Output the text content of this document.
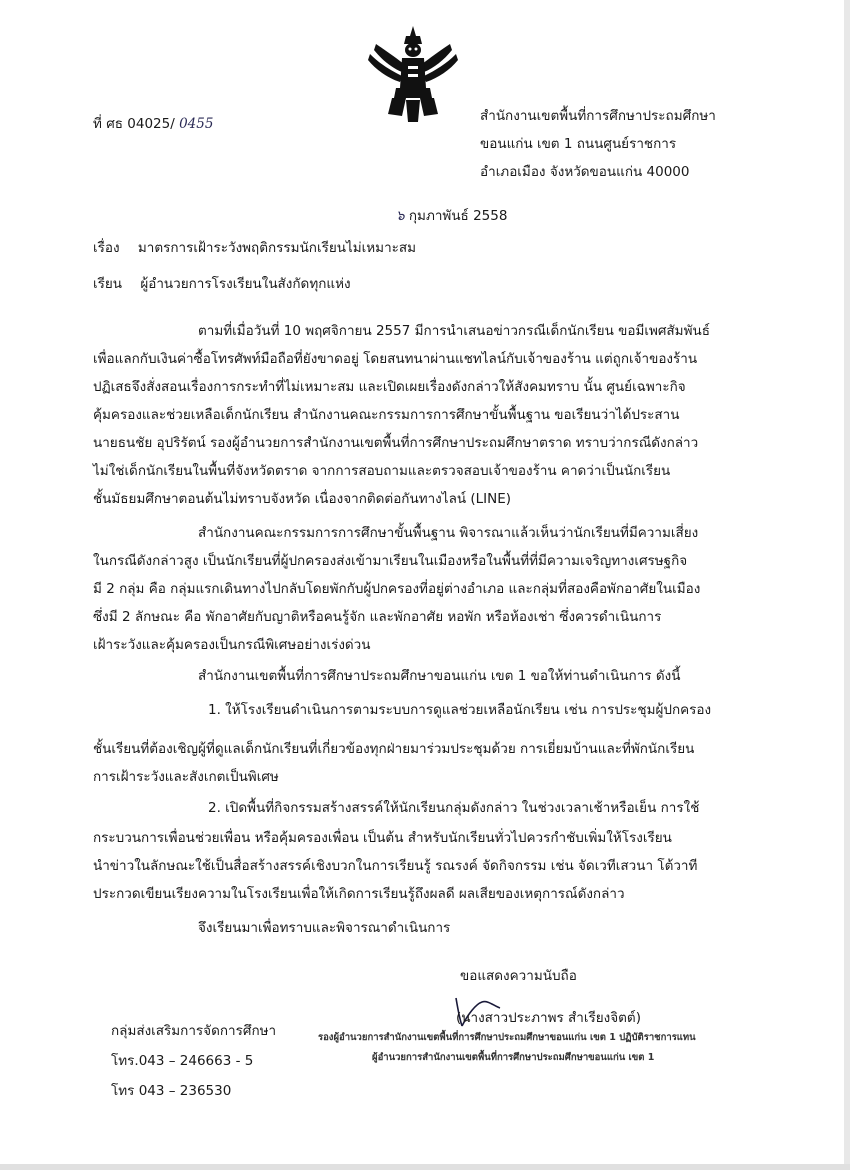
ที่ ศธ 04025/ 0455	สำนักงานเขตพื้นที่การศึกษาประถมศึกษา
ขอนแก่น เขต 1 ถนนศูนย์ราชการ
อำเภอเมือง จังหวัดขอนแก่น 40000
๖ กุมภาพันธ์ 2558
เรื่อง มาตรการเฝ้าระวังพฤติกรรมนักเรียนไม่เหมาะสม
เรียน ผู้อำนวยการโรงเรียนในสังกัดทุกแห่ง
ตามที่เมื่อวันที่ 10 พฤศจิกายน 2557 มีการนำเสนอข่าวกรณีเด็กนักเรียน ขอมีเพศสัมพันธ์
เพื่อแลกกับเงินค่าซื้อโทรศัพท์มือถือที่ยังขาดอยู่ โดยสนทนาผ่านแชทไลน์กับเจ้าของร้าน แต่ถูกเจ้าของร้าน
ปฏิเสธจึงสั่งสอนเรื่องการกระทำที่ไม่เหมาะสม และเปิดเผยเรื่องดังกล่าวให้สังคมทราบ นั้น ศูนย์เฉพาะกิจ
คุ้มครองและช่วยเหลือเด็กนักเรียน สำนักงานคณะกรรมการการศึกษาขั้นพื้นฐาน ขอเรียนว่าได้ประสาน
นายธนชัย อุปริรัตน์ รองผู้อำนวยการสำนักงานเขตพื้นที่การศึกษาประถมศึกษาตราด ทราบว่ากรณีดังกล่าว
ไม่ใช่เด็กนักเรียนในพื้นที่จังหวัดตราด จากการสอบถามและตรวจสอบเจ้าของร้าน คาดว่าเป็นนักเรียน
ชั้นมัธยมศึกษาตอนต้นไม่ทราบจังหวัด เนื่องจากติดต่อกันทางไลน์ (LINE)
สำนักงานคณะกรรมการการศึกษาขั้นพื้นฐาน พิจารณาแล้วเห็นว่านักเรียนที่มีความเสี่ยง
ในกรณีดังกล่าวสูง เป็นนักเรียนที่ผู้ปกครองส่งเข้ามาเรียนในเมืองหรือในพื้นที่ที่มีความเจริญทางเศรษฐกิจ
มี 2 กลุ่ม คือ กลุ่มแรกเดินทางไปกลับโดยพักกับผู้ปกครองที่อยู่ต่างอำเภอ และกลุ่มที่สองคือพักอาศัยในเมือง
ซึ่งมี 2 ลักษณะ คือ พักอาศัยกับญาติหรือคนรู้จัก และพักอาศัย หอพัก หรือห้องเช่า ซึ่งควรดำเนินการ
เฝ้าระวังและคุ้มครองเป็นกรณีพิเศษอย่างเร่งด่วน
สำนักงานเขตพื้นที่การศึกษาประถมศึกษาขอนแก่น เขต 1 ขอให้ท่านดำเนินการ ดังนี้
1. ให้โรงเรียนดำเนินการตามระบบการดูแลช่วยเหลือนักเรียน เช่น การประชุมผู้ปกครอง
ชั้นเรียนที่ต้องเชิญผู้ที่ดูแลเด็กนักเรียนที่เกี่ยวข้องทุกฝ่ายมาร่วมประชุมด้วย การเยี่ยมบ้านและที่พักนักเรียน
การเฝ้าระวังและสังเกตเป็นพิเศษ
2. เปิดพื้นที่กิจกรรมสร้างสรรค์ให้นักเรียนกลุ่มดังกล่าว ในช่วงเวลาเช้าหรือเย็น การใช้
กระบวนการเพื่อนช่วยเพื่อน หรือคุ้มครองเพื่อน เป็นต้น สำหรับนักเรียนทั่วไปควรกำชับเพิ่มให้โรงเรียน
นำข่าวในลักษณะใช้เป็นสื่อสร้างสรรค์เชิงบวกในการเรียนรู้ รณรงค์ จัดกิจกรรม เช่น จัดเวทีเสวนา โต้วาที
ประกวดเขียนเรียงความในโรงเรียนเพื่อให้เกิดการเรียนรู้ถึงผลดี ผลเสียของเหตุการณ์ดังกล่าว
จึงเรียนมาเพื่อทราบและพิจารณาดำเนินการ
ขอแสดงความนับถือ
(นางสาวประภาพร สำเรียงจิตต์)
รองผู้อำนวยการสำนักงานเขตพื้นที่การศึกษาประถมศึกษาขอนแก่น เขต 1 ปฏิบัติราชการแทน
ผู้อำนวยการสำนักงานเขตพื้นที่การศึกษาประถมศึกษาขอนแก่น เขต 1
กลุ่มส่งเสริมการจัดการศึกษา
โทร.043 – 246663 - 5
โทร 043 – 236530
